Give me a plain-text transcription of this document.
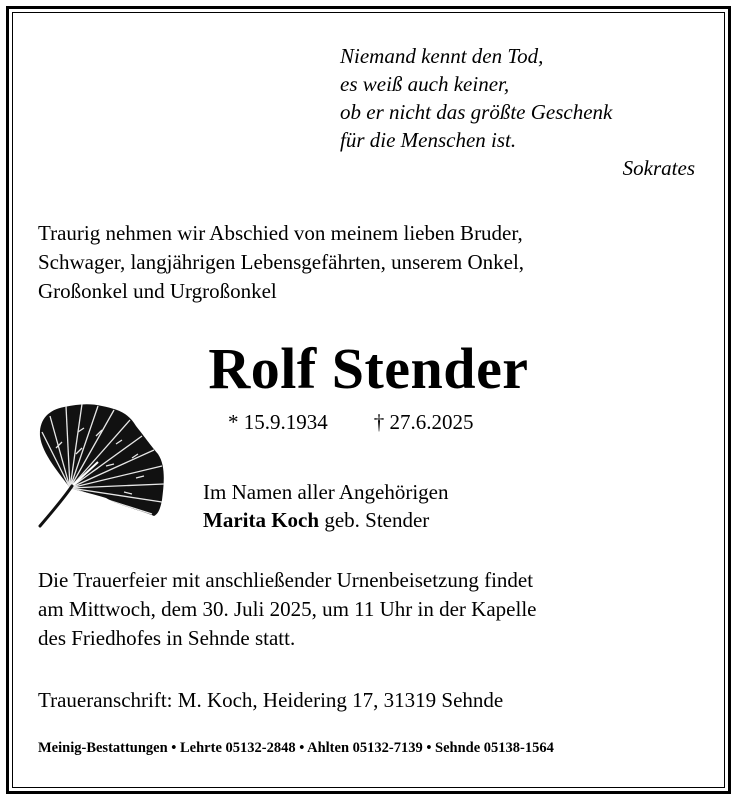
Niemand kennt den Tod,
es weiß auch keiner,
ob er nicht das größte Geschenk
für die Menschen ist.
Sokrates
Traurig nehmen wir Abschied von meinem lieben Bruder,
Schwager, langjährigen Lebensgefährten, unserem Onkel,
Großonkel und Urgroßonkel
Rolf Stender
* 15.9.1934 † 27.6.2025
Im Namen aller Angehörigen
Marita Koch geb. Stender
Die Trauerfeier mit anschließender Urnenbeisetzung findet
am Mittwoch, dem 30. Juli 2025, um 11 Uhr in der Kapelle
des Friedhofes in Sehnde statt.
Traueranschrift: M. Koch, Heidering 17, 31319 Sehnde
Meinig-Bestattungen • Lehrte 05132-2848 • Ahlten 05132-7139 • Sehnde 05138-1564
